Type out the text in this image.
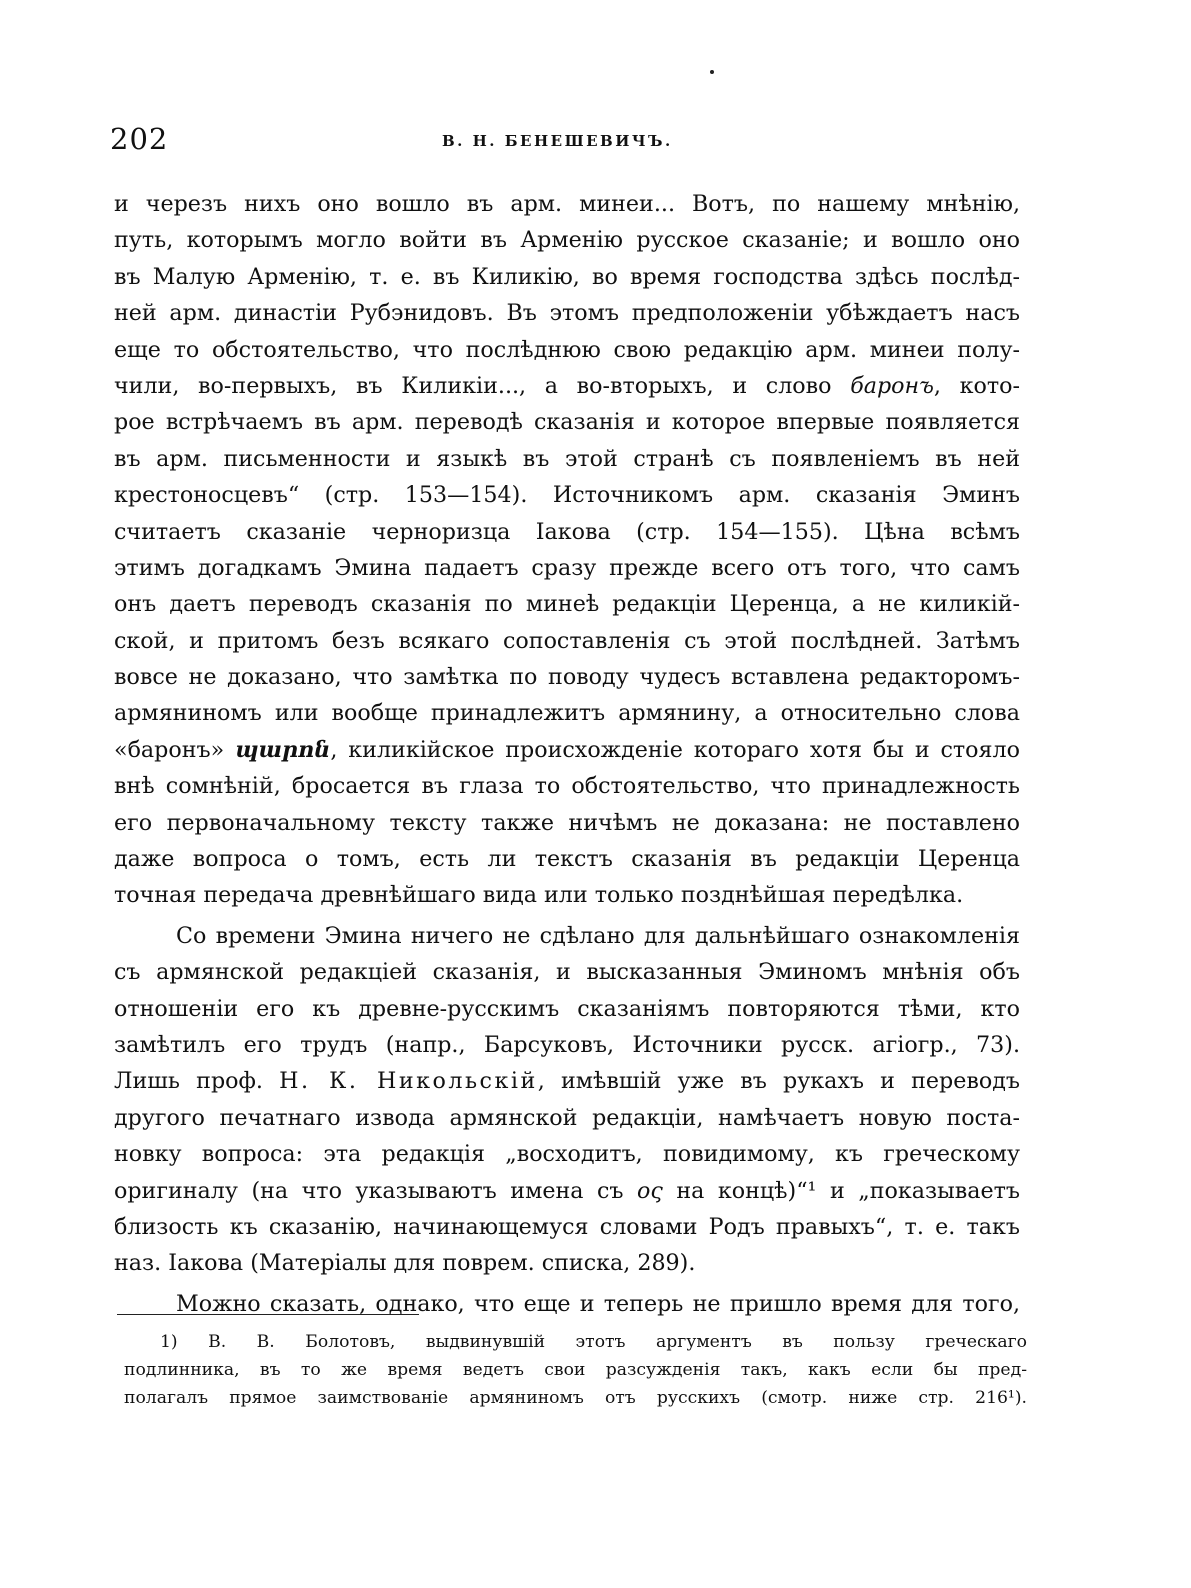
202	В. Н. БЕНЕШЕВИЧЪ.
и черезъ нихъ оно вошло въ арм. минеи... Вотъ, по нашему мнѣнію,
путь, которымъ могло войти въ Арменію русское сказаніе; и вошло оно
въ Малую Арменію, т. е. въ Киликію, во время господства здѣсь послѣд-
ней арм. династіи Рубэнидовъ. Въ этомъ предположеніи убѣждаетъ насъ
еще то обстоятельство, что послѣднюю свою редакцію арм. минеи полу-
чили, во-первыхъ, въ Киликіи..., а во-вторыхъ, и слово баронъ, кото-
рое встрѣчаемъ въ арм. переводѣ сказанія и которое впервые появляется
въ арм. письменности и языкѣ въ этой странѣ съ появленіемъ въ ней
крестоносцевъ“ (стр. 153—154). Источникомъ арм. сказанія Эминъ
считаетъ сказаніе черноризца Іакова (стр. 154—155). Цѣна всѣмъ
этимъ догадкамъ Эмина падаетъ сразу прежде всего отъ того, что самъ
онъ даетъ переводъ сказанія по минеѣ редакціи Церенца, а не киликій-
ской, и притомъ безъ всякаго сопоставленія съ этой послѣдней. Затѣмъ
вовсе не доказано, что замѣтка по поводу чудесъ вставлена редакторомъ-
армяниномъ или вообще принадлежитъ армянину, а относительно слова
«баронъ» պարոն, киликійское происхожденіе котораго хотя бы и стояло
внѣ сомнѣній, бросается въ глаза то обстоятельство, что принадлежность
его первоначальному тексту также ничѣмъ не доказана: не поставлено
даже вопроса о томъ, есть ли текстъ сказанія въ редакціи Церенца
точная передача древнѣйшаго вида или только позднѣйшая передѣлка.
Со времени Эмина ничего не сдѣлано для дальнѣйшаго ознакомленія
съ армянской редакціей сказанія, и высказанныя Эминомъ мнѣнія объ
отношеніи его къ древне-русскимъ сказаніямъ повторяются тѣми, кто
замѣтилъ его трудъ (напр., Барсуковъ, Источники русск. агіогр., 73).
Лишь проф. Н. К. Никольскій, имѣвшій уже въ рукахъ и переводъ
другого печатнаго извода армянской редакціи, намѣчаетъ новую поста-
новку вопроса: эта редакція „восходитъ, повидимому, къ греческому
оригиналу (на что указываютъ имена съ ος на концѣ)“¹ и „показываетъ
близость къ сказанію, начинающемуся словами Родъ правыхъ“, т. е. такъ
наз. Іакова (Матеріалы для поврем. списка, 289).
Можно сказать, однако, что еще и теперь не пришло время для того,
1) В. В. Болотовъ, выдвинувшій этотъ аргументъ въ пользу греческаго
подлинника, въ то же время ведетъ свои разсужденія такъ, какъ если бы пред-
полагалъ прямое заимствованіе армяниномъ отъ русскихъ (смотр. ниже стр. 216¹).
